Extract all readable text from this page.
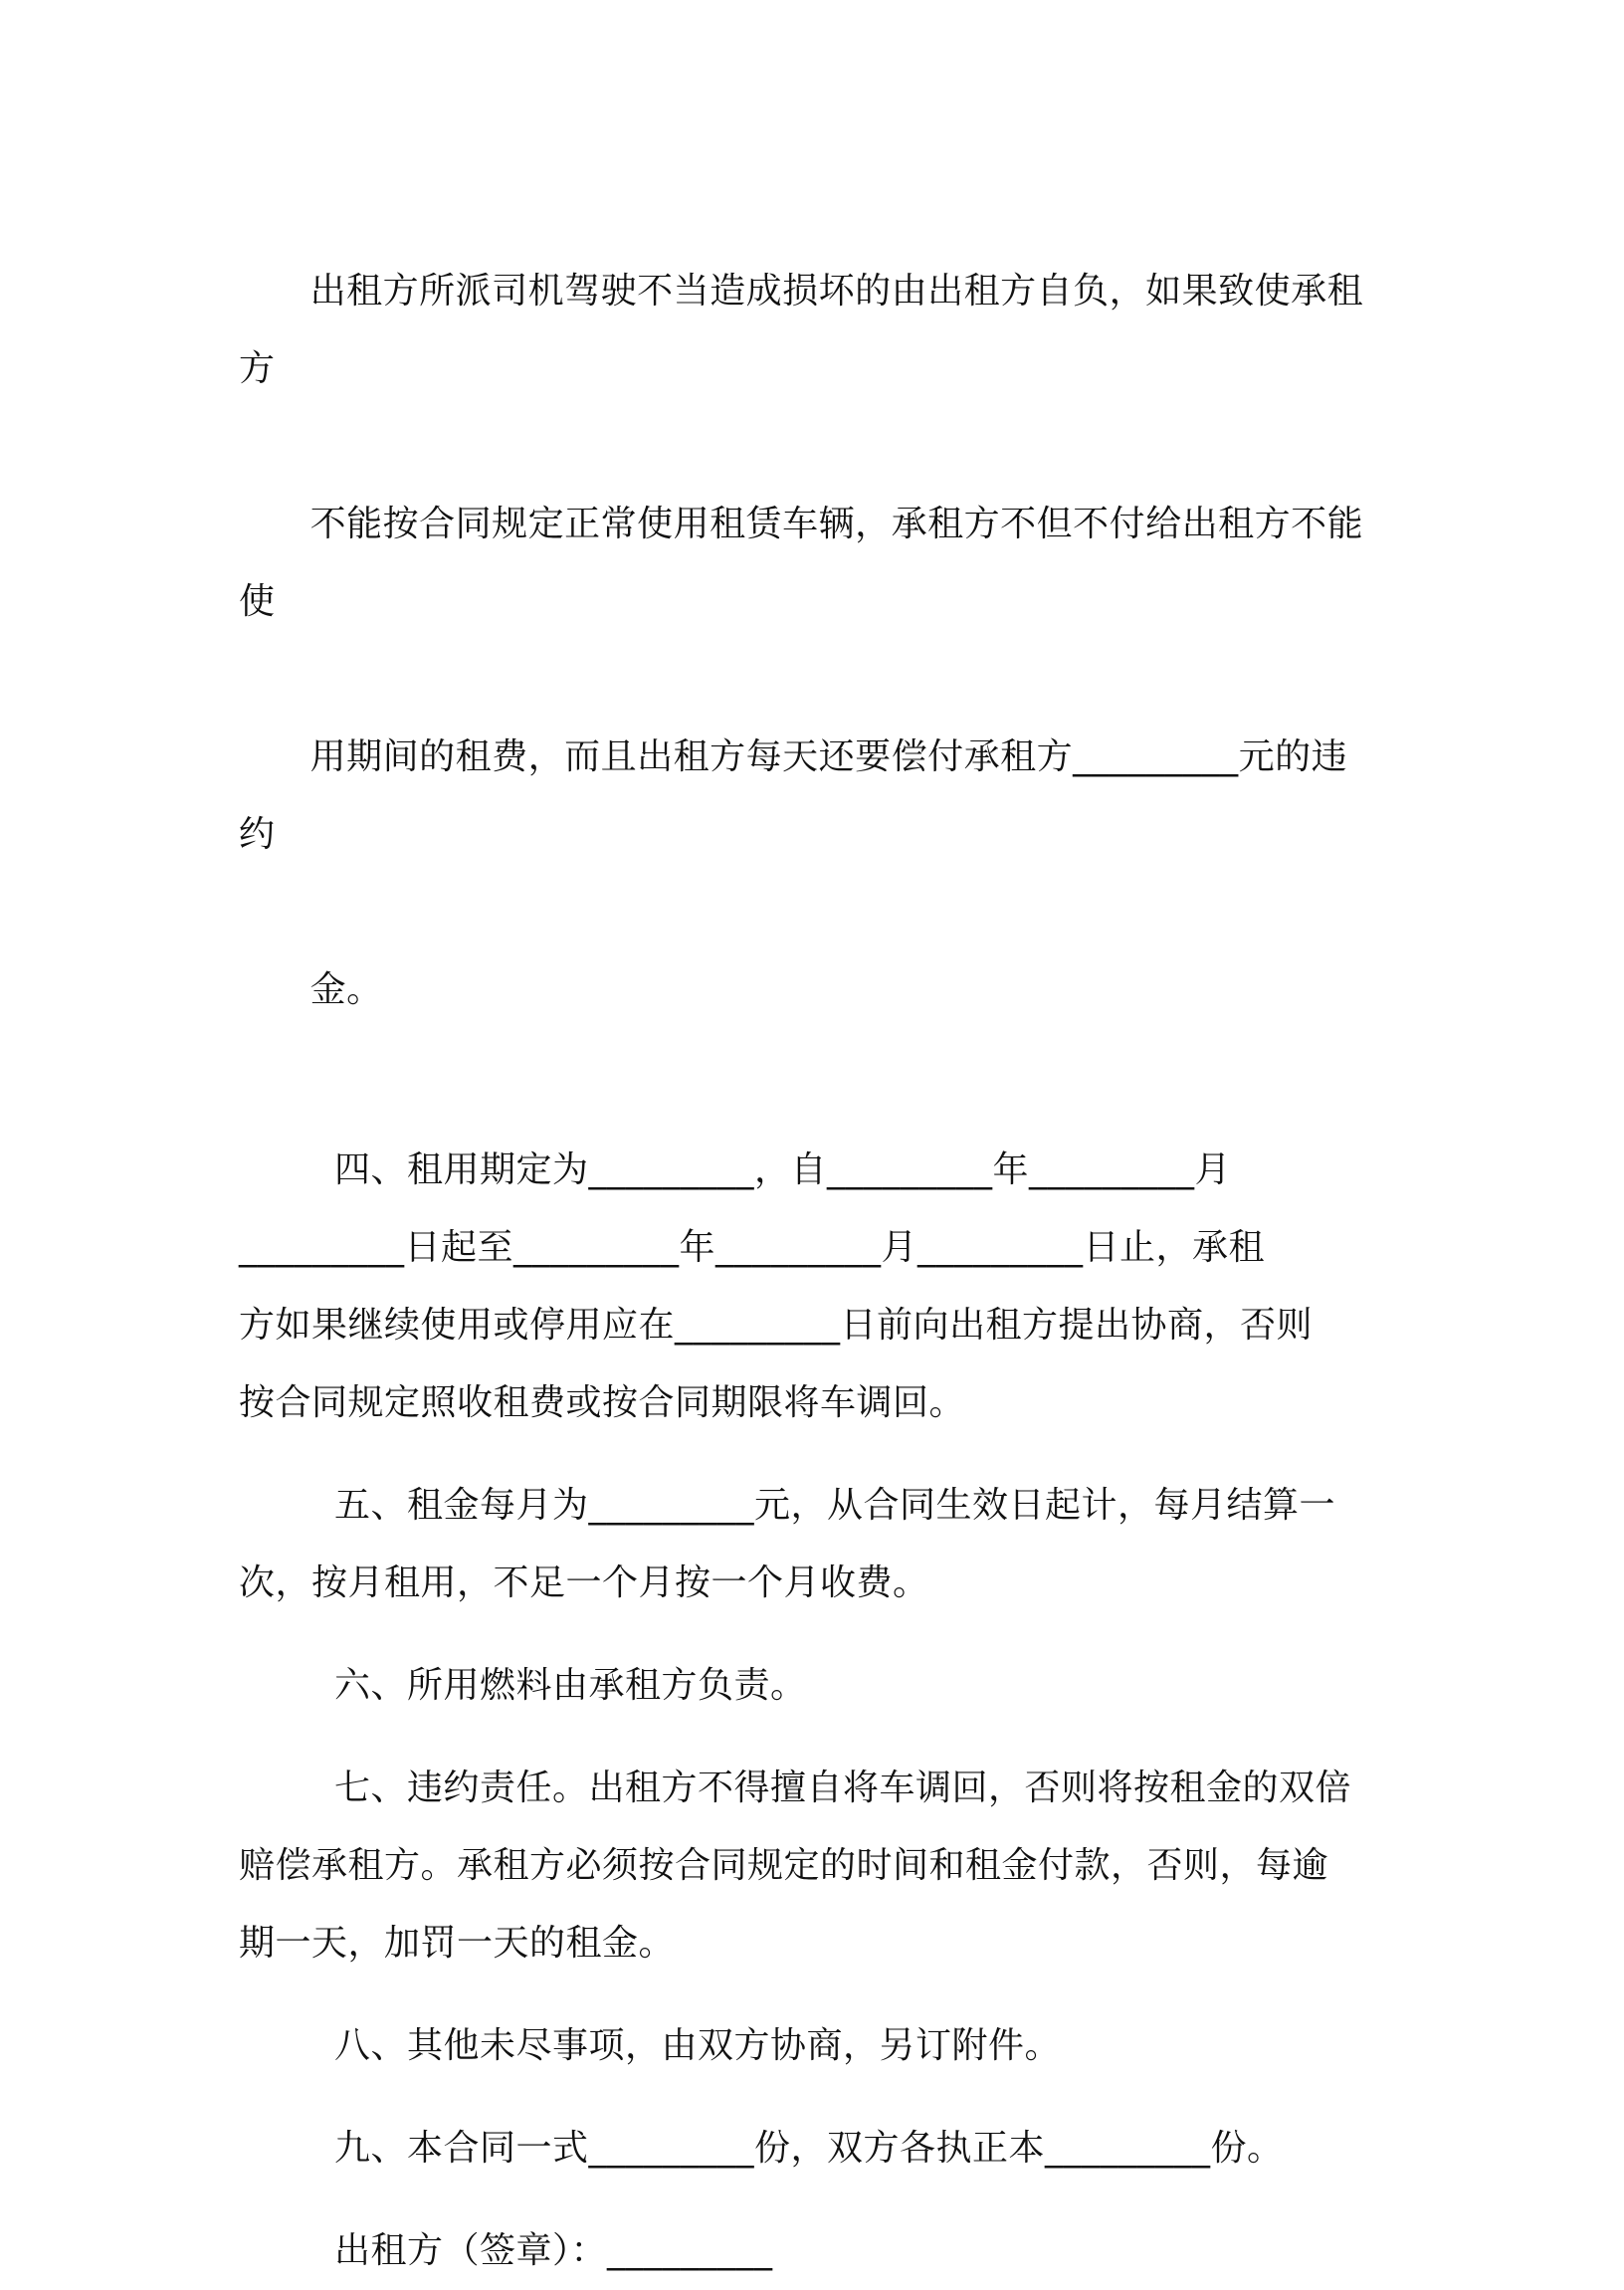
出租方所派司机驾驶不当造成损坏的由出租方自负，如果致使承租方

不能按合同规定正常使用租赁车辆，承租方不但不付给出租方不能使

用期间的租费，而且出租方每天还要偿付承租方_________元的违约

金。

四、租用期定为_________，自_________年_________月
_________日起至_________年_________月_________日止，承租
方如果继续使用或停用应在_________日前向出租方提出协商，否则
按合同规定照收租费或按合同期限将车调回。

五、租金每月为_________元，从合同生效日起计，每月结算一
次，按月租用，不足一个月按一个月收费。

六、所用燃料由承租方负责。

七、违约责任。出租方不得擅自将车调回，否则将按租金的双倍
赔偿承租方。承租方必须按合同规定的时间和租金付款，否则，每逾
期一天，加罚一天的租金。

八、其他未尽事项，由双方协商，另订附件。

九、本合同一式_________份，双方各执正本_________份。

出租方（签章）：_________
